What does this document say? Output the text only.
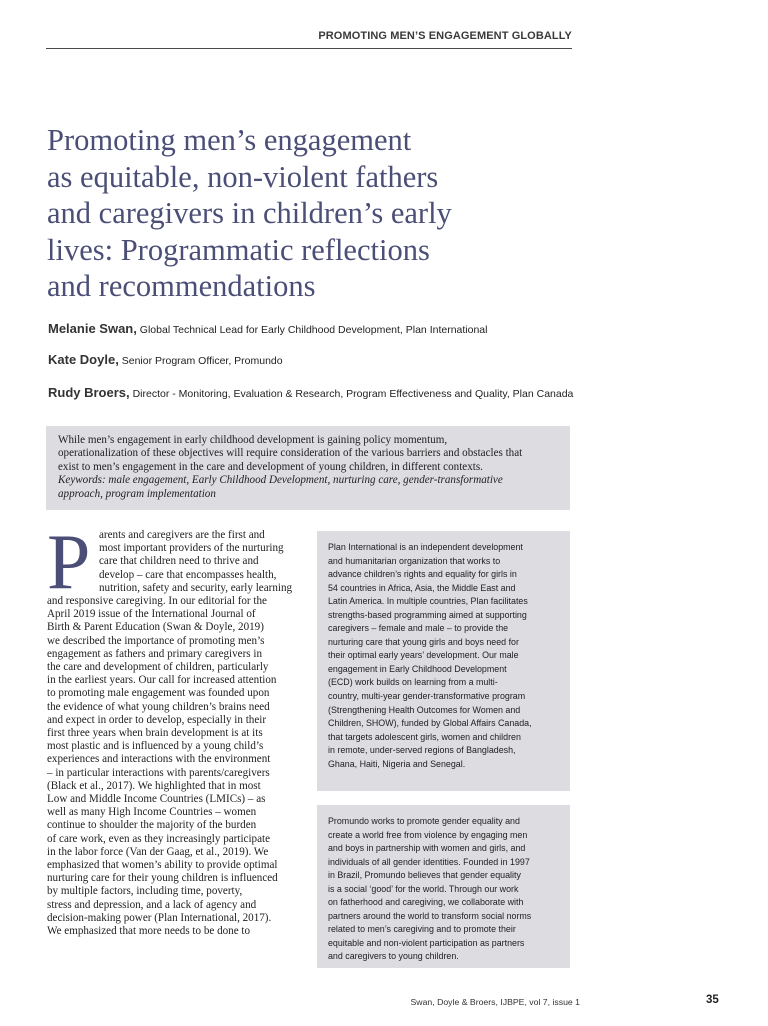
PROMOTING MEN’S ENGAGEMENT GLOBALLY
Promoting men’s engagement
as equitable, non-violent fathers
and caregivers in children’s early
lives: Programmatic reflections
and recommendations
Melanie Swan, Global Technical Lead for Early Childhood Development, Plan International
Kate Doyle, Senior Program Officer, Promundo
Rudy Broers, Director - Monitoring, Evaluation & Research, Program Effectiveness and Quality, Plan Canada
While men’s engagement in early childhood development is gaining policy momentum,
operationalization of these objectives will require consideration of the various barriers and obstacles that
exist to men’s engagement in the care and development of young children, in different contexts.
Keywords: male engagement, Early Childhood Development, nurturing care, gender-transformative
approach, program implementation
P arents and caregivers are the first and
most important providers of the nurturing
care that children need to thrive and
develop – care that encompasses health,
nutrition, safety and security, early learning
and responsive caregiving. In our editorial for the
April 2019 issue of the International Journal of
Birth & Parent Education (Swan & Doyle, 2019)
we described the importance of promoting men’s
engagement as fathers and primary caregivers in
the care and development of children, particularly
in the earliest years. Our call for increased attention
to promoting male engagement was founded upon
the evidence of what young children’s brains need
and expect in order to develop, especially in their
first three years when brain development is at its
most plastic and is influenced by a young child’s
experiences and interactions with the environment
– in particular interactions with parents/caregivers
(Black et al., 2017). We highlighted that in most
Low and Middle Income Countries (LMICs) – as
well as many High Income Countries – women
continue to shoulder the majority of the burden
of care work, even as they increasingly participate
in the labor force (Van der Gaag, et al., 2019). We
emphasized that women’s ability to provide optimal
nurturing care for their young children is influenced
by multiple factors, including time, poverty,
stress and depression, and a lack of agency and
decision-making power (Plan International, 2017).
We emphasized that more needs to be done to
Plan International is an independent development
and humanitarian organization that works to
advance children’s rights and equality for girls in
54 countries in Africa, Asia, the Middle East and
Latin America. In multiple countries, Plan facilitates
strengths-based programming aimed at supporting
caregivers – female and male – to provide the
nurturing care that young girls and boys need for
their optimal early years’ development. Our male
engagement in Early Childhood Development
(ECD) work builds on learning from a multi-
country, multi-year gender-transformative program
(Strengthening Health Outcomes for Women and
Children, SHOW), funded by Global Affairs Canada,
that targets adolescent girls, women and children
in remote, under-served regions of Bangladesh,
Ghana, Haiti, Nigeria and Senegal.
Promundo works to promote gender equality and
create a world free from violence by engaging men
and boys in partnership with women and girls, and
individuals of all gender identities. Founded in 1997
in Brazil, Promundo believes that gender equality
is a social ‘good’ for the world. Through our work
on fatherhood and caregiving, we collaborate with
partners around the world to transform social norms
related to men’s caregiving and to promote their
equitable and non-violent participation as partners
and caregivers to young children.
Swan, Doyle & Broers, IJBPE, vol 7, issue 1	35
